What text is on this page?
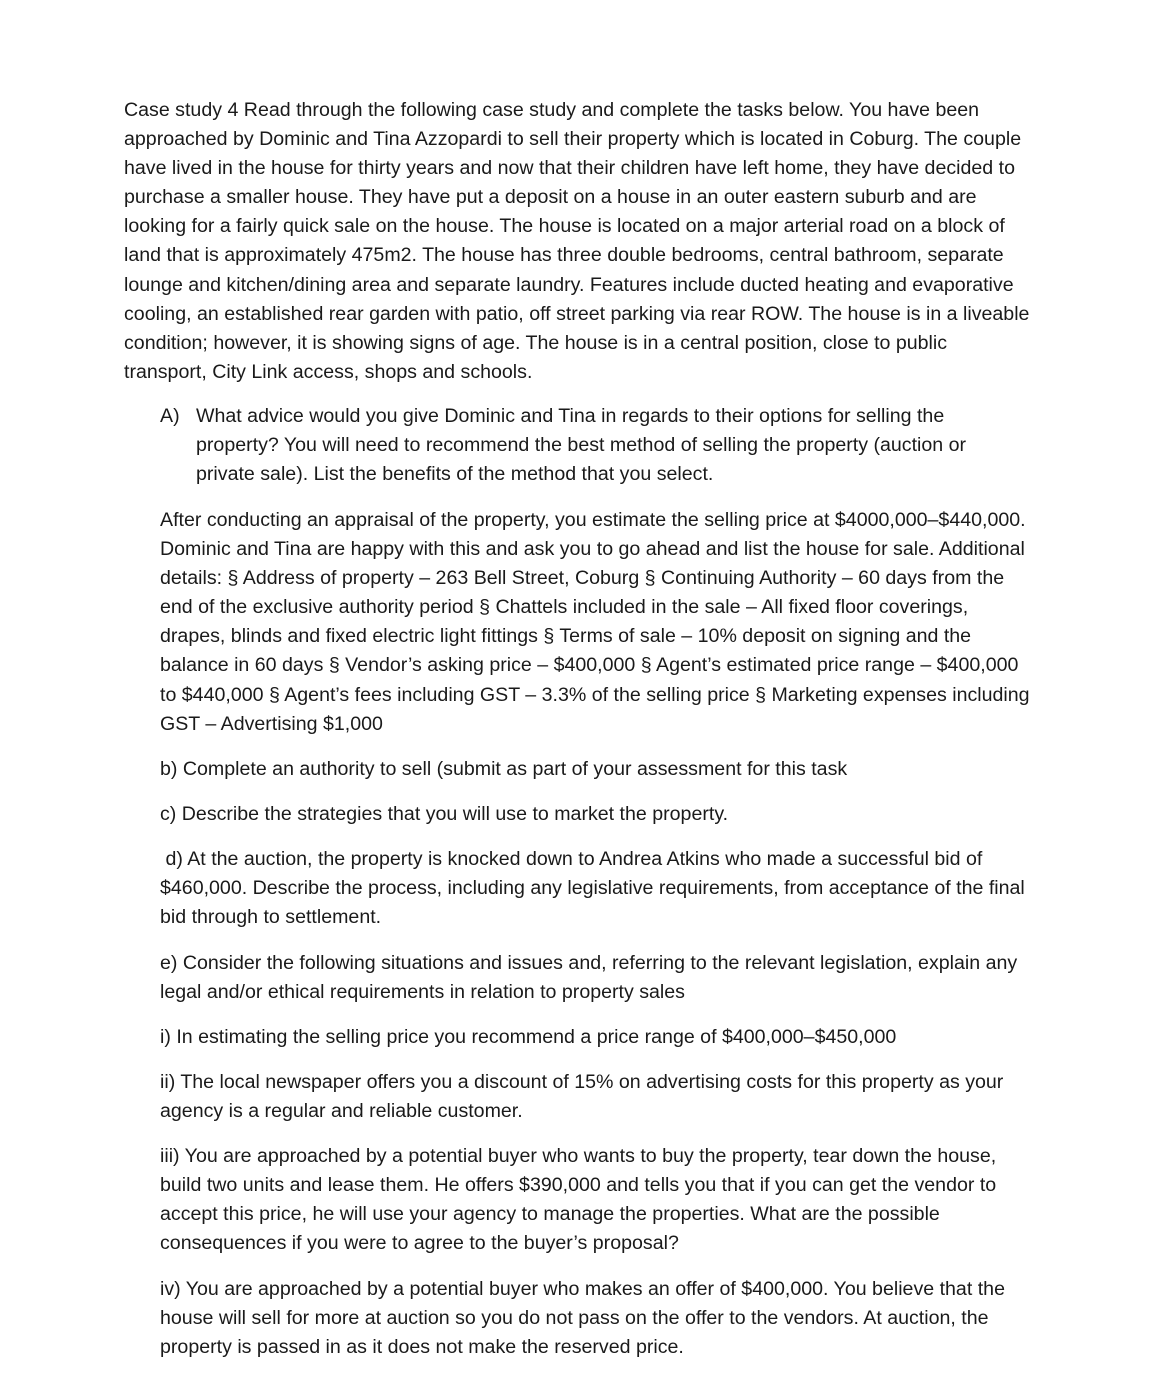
Case study 4 Read through the following case study and complete the tasks below. You have been approached by Dominic and Tina Azzopardi to sell their property which is located in Coburg. The couple have lived in the house for thirty years and now that their children have left home, they have decided to purchase a smaller house. They have put a deposit on a house in an outer eastern suburb and are looking for a fairly quick sale on the house. The house is located on a major arterial road on a block of land that is approximately 475m2. The house has three double bedrooms, central bathroom, separate lounge and kitchen/dining area and separate laundry. Features include ducted heating and evaporative cooling, an established rear garden with patio, off street parking via rear ROW. The house is in a liveable condition; however, it is showing signs of age. The house is in a central position, close to public transport, City Link access, shops and schools.

A) What advice would you give Dominic and Tina in regards to their options for selling the property? You will need to recommend the best method of selling the property (auction or private sale). List the benefits of the method that you select.

After conducting an appraisal of the property, you estimate the selling price at $4000,000–$440,000. Dominic and Tina are happy with this and ask you to go ahead and list the house for sale. Additional details: § Address of property – 263 Bell Street, Coburg § Continuing Authority – 60 days from the end of the exclusive authority period § Chattels included in the sale – All fixed floor coverings, drapes, blinds and fixed electric light fittings § Terms of sale – 10% deposit on signing and the balance in 60 days § Vendor’s asking price – $400,000 § Agent’s estimated price range – $400,000 to $440,000 § Agent’s fees including GST – 3.3% of the selling price § Marketing expenses including GST – Advertising $1,000

b) Complete an authority to sell (submit as part of your assessment for this task

c) Describe the strategies that you will use to market the property.

d) At the auction, the property is knocked down to Andrea Atkins who made a successful bid of $460,000. Describe the process, including any legislative requirements, from acceptance of the final bid through to settlement.

e) Consider the following situations and issues and, referring to the relevant legislation, explain any legal and/or ethical requirements in relation to property sales

i) In estimating the selling price you recommend a price range of $400,000–$450,000

ii) The local newspaper offers you a discount of 15% on advertising costs for this property as your agency is a regular and reliable customer.

iii) You are approached by a potential buyer who wants to buy the property, tear down the house, build two units and lease them. He offers $390,000 and tells you that if you can get the vendor to accept this price, he will use your agency to manage the properties. What are the possible consequences if you were to agree to the buyer’s proposal?

iv) You are approached by a potential buyer who makes an offer of $400,000. You believe that the house will sell for more at auction so you do not pass on the offer to the vendors. At auction, the property is passed in as it does not make the reserved price.
